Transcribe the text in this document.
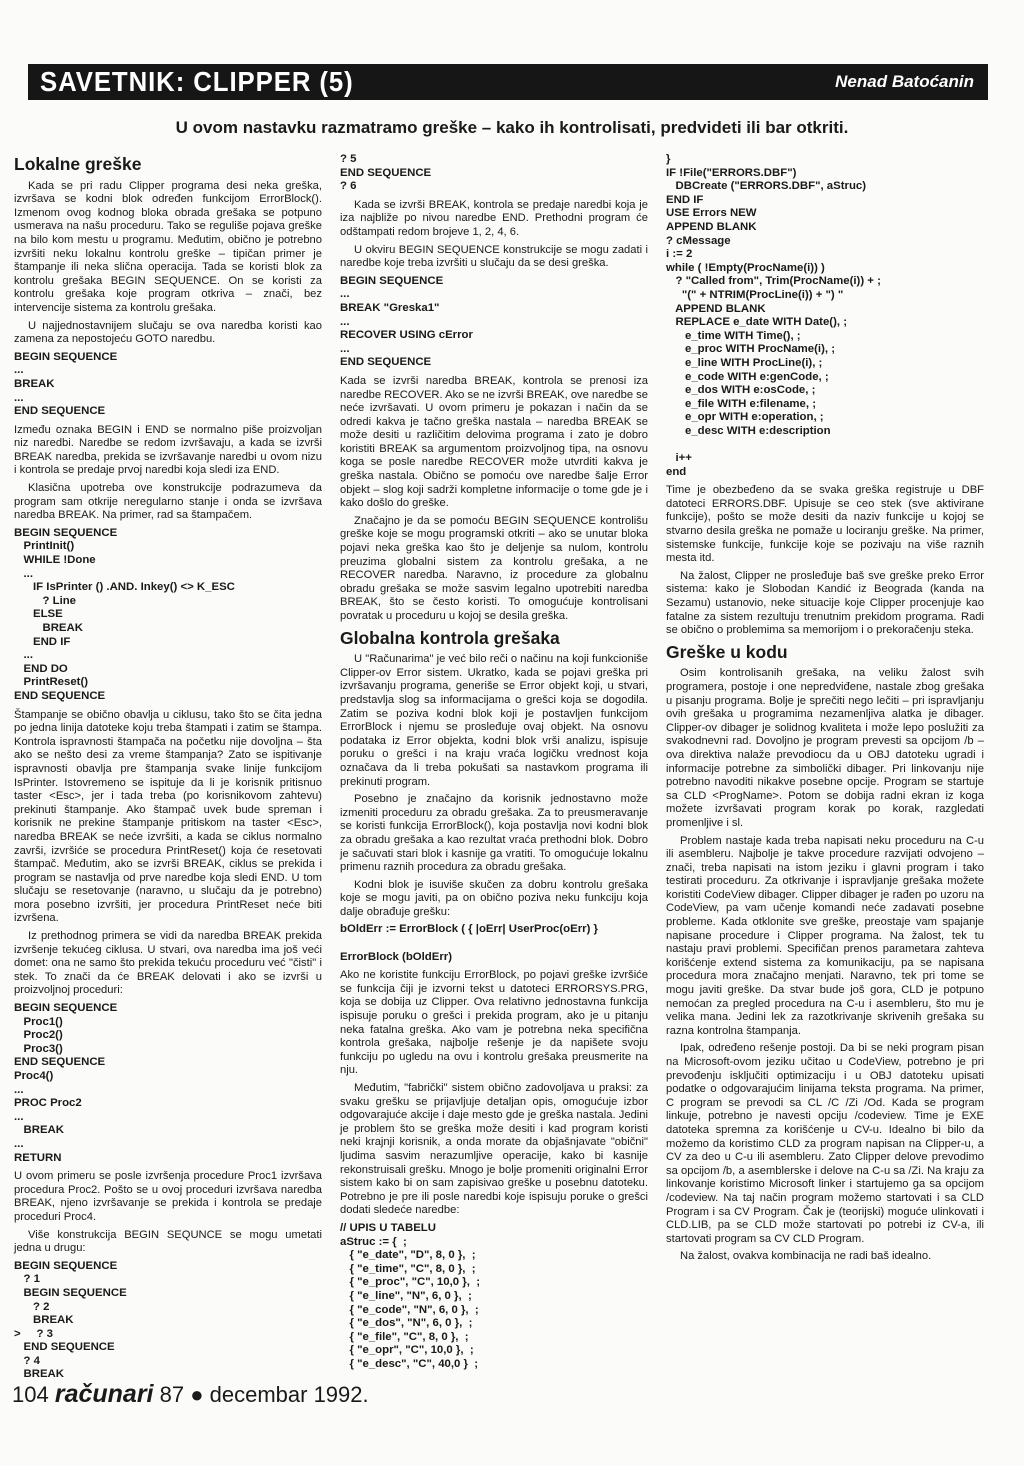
SAVETNIK: CLIPPER (5)	Nenad Batoćanin
U ovom nastavku razmatramo greške – kako ih kontrolisati, predvideti ili bar otkriti.
Lokalne greške

Kada se pri radu Clipper programa desi neka greška, izvršava se kodni blok određen funkcijom ErrorBlock(). Izmenom ovog kodnog bloka obrada grešaka se potpuno usmerava na našu proceduru. Tako se reguliše pojava greške na bilo kom mestu u programu. Međutim, obično je potrebno izvršiti neku lokalnu kontrolu greške – tipičan primer je štampanje ili neka slična operacija. Tada se koristi blok za kontrolu grešaka BEGIN SEQUENCE. On se koristi za kontrolu grešaka koje program otkriva – znači, bez intervencije sistema za kontrolu grešaka.

U najjednostavnijem slučaju se ova naredba koristi kao zamena za nepostojeću GOTO naredbu.

BEGIN SEQUENCE
...
BREAK
...
END SEQUENCE

Između oznaka BEGIN i END se normalno piše proizvoljan niz naredbi. Naredbe se redom izvršavaju, a kada se izvrši BREAK naredba, prekida se izvršavanje naredbi u ovom nizu i kontrola se predaje prvoj naredbi koja sledi iza END.

Klasična upotreba ove konstrukcije podrazumeva da program sam otkrije neregularno stanje i onda se izvršava naredba BREAK. Na primer, rad sa štampačem.

BEGIN SEQUENCE
PrintInit()
WHILE !Done
...
IF IsPrinter () .AND. Inkey() <> K_ESC
? Line
ELSE
BREAK
END IF
...
END DO
PrintReset()
END SEQUENCE

Štampanje se obično obavlja u ciklusu, tako što se čita jedna po jedna linija datoteke koju treba štampati i zatim se štampa. Kontrola ispravnosti štampača na početku nije dovoljna – šta ako se nešto desi za vreme štampanja? Zato se ispitivanje ispravnosti obavlja pre štampanja svake linije funkcijom IsPrinter. Istovremeno se ispituje da li je korisnik pritisnuo taster <Esc>, jer i tada treba (po korisnikovom zahtevu) prekinuti štampanje. Ako štampač uvek bude spreman i korisnik ne prekine štampanje pritiskom na taster <Esc>, naredba BREAK se neće izvršiti, a kada se ciklus normalno završi, izvršiće se procedura PrintReset() koja će resetovati štampač. Međutim, ako se izvrši BREAK, ciklus se prekida i program se nastavlja od prve naredbe koja sledi END. U tom slučaju se resetovanje (naravno, u slučaju da je potrebno) mora posebno izvršiti, jer procedura PrintReset neće biti izvršena.

Iz prethodnog primera se vidi da naredba BREAK prekida izvršenje tekućeg ciklusa. U stvari, ova naredba ima još veći domet: ona ne samo što prekida tekuću proceduru već "čisti" i stek. To znači da će BREAK delovati i ako se izvrši u proizvoljnoj proceduri:

BEGIN SEQUENCE
Proc1()
Proc2()
Proc3()
END SEQUENCE
Proc4()
...
PROC Proc2
...
BREAK
...
RETURN

U ovom primeru se posle izvršenja procedure Proc1 izvršava procedura Proc2. Pošto se u ovoj proceduri izvršava naredba BREAK, njeno izvršavanje se prekida i kontrola se predaje proceduri Proc4.

Više konstrukcija BEGIN SEQUNCE se mogu umetati jedna u drugu:

BEGIN SEQUENCE
? 1
BEGIN SEQUENCE
? 2
BREAK
>     ? 3
END SEQUENCE
? 4
BREAK
? 5
END SEQUENCE
? 6

Kada se izvrši BREAK, kontrola se predaje naredbi koja je iza najbliže po nivou naredbe END. Prethodni program će odštampati redom brojeve 1, 2, 4, 6.

U okviru BEGIN SEQUENCE konstrukcije se mogu zadati i naredbe koje treba izvršiti u slučaju da se desi greška.

BEGIN SEQUENCE
...
BREAK "Greska1"
...
RECOVER USING cError
...
END SEQUENCE

Kada se izvrši naredba BREAK, kontrola se prenosi iza naredbe RECOVER. Ako se ne izvrši BREAK, ove naredbe se neće izvršavati. U ovom primeru je pokazan i način da se odredi kakva je tačno greška nastala – naredba BREAK se može desiti u različitim delovima programa i zato je dobro koristiti BREAK sa argumentom proizvoljnog tipa, na osnovu koga se posle naredbe RECOVER može utvrditi kakva je greška nastala. Obično se pomoću ove naredbe šalje Error objekt – slog koji sadrži kompletne informacije o tome gde je i kako došlo do greške.

Značajno je da se pomoću BEGIN SEQUENCE kontrolišu greške koje se mogu programski otkriti – ako se unutar bloka pojavi neka greška kao što je deljenje sa nulom, kontrolu preuzima globalni sistem za kontrolu grešaka, a ne RECOVER naredba. Naravno, iz procedure za globalnu obradu grešaka se može sasvim legalno upotrebiti naredba BREAK, što se često koristi. To omogućuje kontrolisani povratak u proceduru u kojoj se desila greška.

Globalna kontrola grešaka

U "Računarima" je već bilo reči o načinu na koji funkcioniše Clipper-ov Error sistem. Ukratko, kada se pojavi greška pri izvršavanju programa, generiše se Error objekt koji, u stvari, predstavlja slog sa informacijama o grešci koja se dogodila. Zatim se poziva kodni blok koji je postavljen funkcijom ErrorBlock i njemu se prosleđuje ovaj objekt. Na osnovu podataka iz Error objekta, kodni blok vrši analizu, ispisuje poruku o grešci i na kraju vraća logičku vrednost koja označava da li treba pokušati sa nastavkom programa ili prekinuti program.

Posebno je značajno da korisnik jednostavno može izmeniti proceduru za obradu grešaka. Za to preusmeravanje se koristi funkcija ErrorBlock(), koja postavlja novi kodni blok za obradu grešaka a kao rezultat vraća prethodni blok. Dobro je sačuvati stari blok i kasnije ga vratiti. To omogućuje lokalnu primenu raznih procedura za obradu grešaka.

Kodni blok je isuviše skučen za dobru kontrolu grešaka koje se mogu javiti, pa on obično poziva neku funkciju koja dalje obrađuje grešku:

bOldErr := ErrorBlock ( { |oErr| UserProc(oErr) }
ErrorBlock (bOldErr)

Ako ne koristite funkciju ErrorBlock, po pojavi greške izvršiće se funkcija čiji je izvorni tekst u datoteci ERRORSYS.PRG, koja se dobija uz Clipper. Ova relativno jednostavna funkcija ispisuje poruku o grešci i prekida program, ako je u pitanju neka fatalna greška. Ako vam je potrebna neka specifična kontrola grešaka, najbolje rešenje je da napišete svoju funkciju po ugledu na ovu i kontrolu grešaka preusmerite na nju.

Međutim, "fabrički" sistem obično zadovoljava u praksi: za svaku grešku se prijavljuje detaljan opis, omogućuje izbor odgovarajuće akcije i daje mesto gde je greška nastala. Jedini je problem što se greška može desiti i kad program koristi neki krajnji korisnik, a onda morate da objašnjavate "obični" ljudima sasvim nerazumljive operacije, kako bi kasnije rekonstruisali grešku. Mnogo je bolje promeniti originalni Error sistem kako bi on sam zapisivao greške u posebnu datoteku. Potrebno je pre ili posle naredbi koje ispisuju poruke o grešci dodati sledeće naredbe:

// UPIS U TABELU
aStruc := {  ;
{ "e_date", "D", 8, 0 },  ;
{ "e_time", "C", 8, 0 },  ;
{ "e_proc", "C", 10,0 },  ;
{ "e_line", "N", 6, 0 },  ;
{ "e_code", "N", 6, 0 },  ;
{ "e_dos", "N", 6, 0 },  ;
{ "e_file", "C", 8, 0 },  ;
{ "e_opr", "C", 10,0 },  ;
{ "e_desc", "C", 40,0 }  ;
}
IF !File("ERRORS.DBF")
DBCreate ("ERRORS.DBF", aStruc)
END IF
USE Errors NEW
APPEND BLANK
? cMessage
i := 2
while ( !Empty(ProcName(i)) )
? "Called from", Trim(ProcName(i)) + ;
"(" + NTRIM(ProcLine(i)) + ") "
APPEND BLANK
REPLACE e_date WITH Date(), ;
e_time WITH Time(), ;
e_proc WITH ProcName(i), ;
e_line WITH ProcLine(i), ;
e_code WITH e:genCode, ;
e_dos WITH e:osCode, ;
e_file WITH e:filename, ;
e_opr WITH e:operation, ;
e_desc WITH e:description
i++
end

Time je obezbeđeno da se svaka greška registruje u DBF datoteci ERRORS.DBF. Upisuje se ceo stek (sve aktivirane funkcije), pošto se može desiti da naziv funkcije u kojoj se stvarno desila greška ne pomaže u lociranju greške. Na primer, sistemske funkcije, funkcije koje se pozivaju na više raznih mesta itd.

Na žalost, Clipper ne prosleđuje baš sve greške preko Error sistema: kako je Slobodan Kandić iz Beograda (kanda na Sezamu) ustanovio, neke situacije koje Clipper procenjuje kao fatalne za sistem rezultuju trenutnim prekidom programa. Radi se obično o problemima sa memorijom i o prekoračenju steka.

Greške u kodu

Osim kontrolisanih grešaka, na veliku žalost svih programera, postoje i one nepredviđene, nastale zbog grešaka u pisanju programa. Bolje je sprečiti nego lečiti – pri ispravljanju ovih grešaka u programima nezamenljiva alatka je dibager. Clipper-ov dibager je solidnog kvaliteta i može lepo poslužiti za svakodnevni rad. Dovoljno je program prevesti sa opcijom /b – ova direktiva nalaže prevodiocu da u OBJ datoteku ugradi i informacije potrebne za simbolički dibager. Pri linkovanju nije potrebno navoditi nikakve posebne opcije. Program se startuje sa CLD <ProgName>. Potom se dobija radni ekran iz koga možete izvršavati program korak po korak, razgledati promenljive i sl.

Problem nastaje kada treba napisati neku proceduru na C-u ili asembleru. Najbolje je takve procedure razvijati odvojeno – znači, treba napisati na istom jeziku i glavni program i tako testirati proceduru. Za otkrivanje i ispravljanje grešaka možete koristiti CodeView dibager. Clipper dibager je rađen po uzoru na CodeView, pa vam učenje komandi neće zadavati posebne probleme. Kada otklonite sve greške, preostaje vam spajanje napisane procedure i Clipper programa. Na žalost, tek tu nastaju pravi problemi. Specifičan prenos parametara zahteva korišćenje extend sistema za komunikaciju, pa se napisana procedura mora značajno menjati. Naravno, tek pri tome se mogu javiti greške. Da stvar bude još gora, CLD je potpuno nemoćan za pregled procedura na C-u i asembleru, što mu je velika mana. Jedini lek za razotkrivanje skrivenih grešaka su razna kontrolna štampanja.

Ipak, određeno rešenje postoji. Da bi se neki program pisan na Microsoft-ovom jeziku učitao u CodeView, potrebno je pri prevođenju isključiti optimizaciju i u OBJ datoteku upisati podatke o odgovarajućim linijama teksta programa. Na primer, C program se prevodi sa CL /C /Zi /Od. Kada se program linkuje, potrebno je navesti opciju /codeview. Time je EXE datoteka spremna za korišćenje u CV-u. Idealno bi bilo da možemo da koristimo CLD za program napisan na Clipper-u, a CV za deo u C-u ili asembleru. Zato Clipper delove prevodimo sa opcijom /b, a asemblerske i delove na C-u sa /Zi. Na kraju za linkovanje koristimo Microsoft linker i startujemo ga sa opcijom /codeview. Na taj način program možemo startovati i sa CLD Program i sa CV Program. Čak je (teorijski) moguće ulinkovati i CLD.LIB, pa se CLD može startovati po potrebi iz CV-a, ili startovati program sa CV CLD Program.

Na žalost, ovakva kombinacija ne radi baš idealno.

104 računari 87 ● decembar 1992.
